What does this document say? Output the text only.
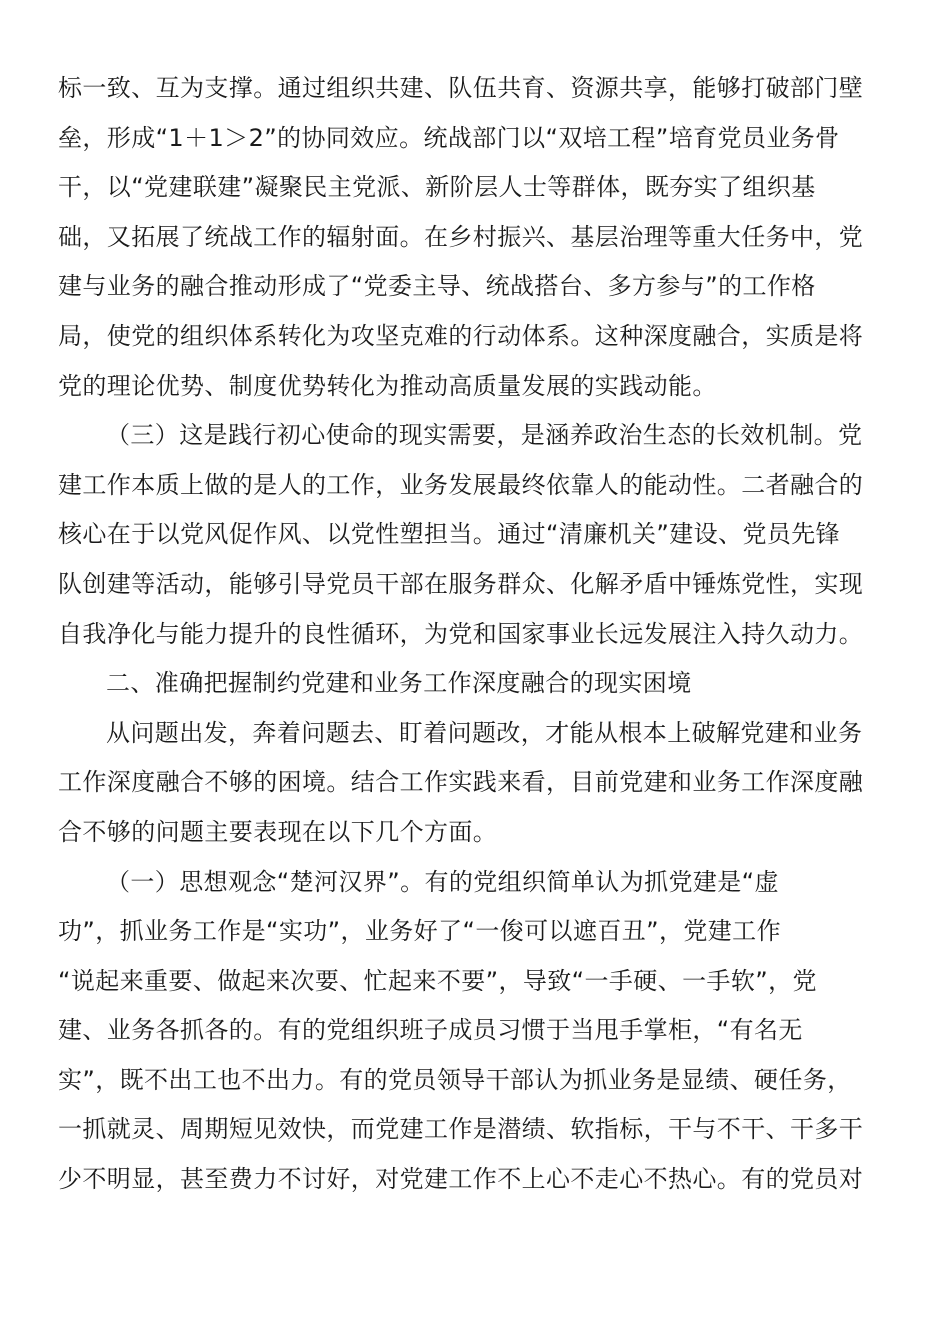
标一致、互为支撑。通过组织共建、队伍共育、资源共享，能够打破部门壁
垒，形成“1＋1＞2”的协同效应。统战部门以“双培工程”培育党员业务骨
干，以“党建联建”凝聚民主党派、新阶层人士等群体，既夯实了组织基
础，又拓展了统战工作的辐射面。在乡村振兴、基层治理等重大任务中，党
建与业务的融合推动形成了“党委主导、统战搭台、多方参与”的工作格
局，使党的组织体系转化为攻坚克难的行动体系。这种深度融合，实质是将
党的理论优势、制度优势转化为推动高质量发展的实践动能。
（三）这是践行初心使命的现实需要，是涵养政治生态的长效机制。党
建工作本质上做的是人的工作，业务发展最终依靠人的能动性。二者融合的
核心在于以党风促作风、以党性塑担当。通过“清廉机关”建设、党员先锋
队创建等活动，能够引导党员干部在服务群众、化解矛盾中锤炼党性，实现
自我净化与能力提升的良性循环，为党和国家事业长远发展注入持久动力。
二、准确把握制约党建和业务工作深度融合的现实困境
从问题出发，奔着问题去、盯着问题改，才能从根本上破解党建和业务
工作深度融合不够的困境。结合工作实践来看，目前党建和业务工作深度融
合不够的问题主要表现在以下几个方面。
（一）思想观念“楚河汉界”。有的党组织简单认为抓党建是“虚
功”，抓业务工作是“实功”，业务好了“一俊可以遮百丑”，党建工作
“说起来重要、做起来次要、忙起来不要”，导致“一手硬、一手软”，党
建、业务各抓各的。有的党组织班子成员习惯于当甩手掌柜，“有名无
实”，既不出工也不出力。有的党员领导干部认为抓业务是显绩、硬任务，
一抓就灵、周期短见效快，而党建工作是潜绩、软指标，干与不干、干多干
少不明显，甚至费力不讨好，对党建工作不上心不走心不热心。有的党员对
